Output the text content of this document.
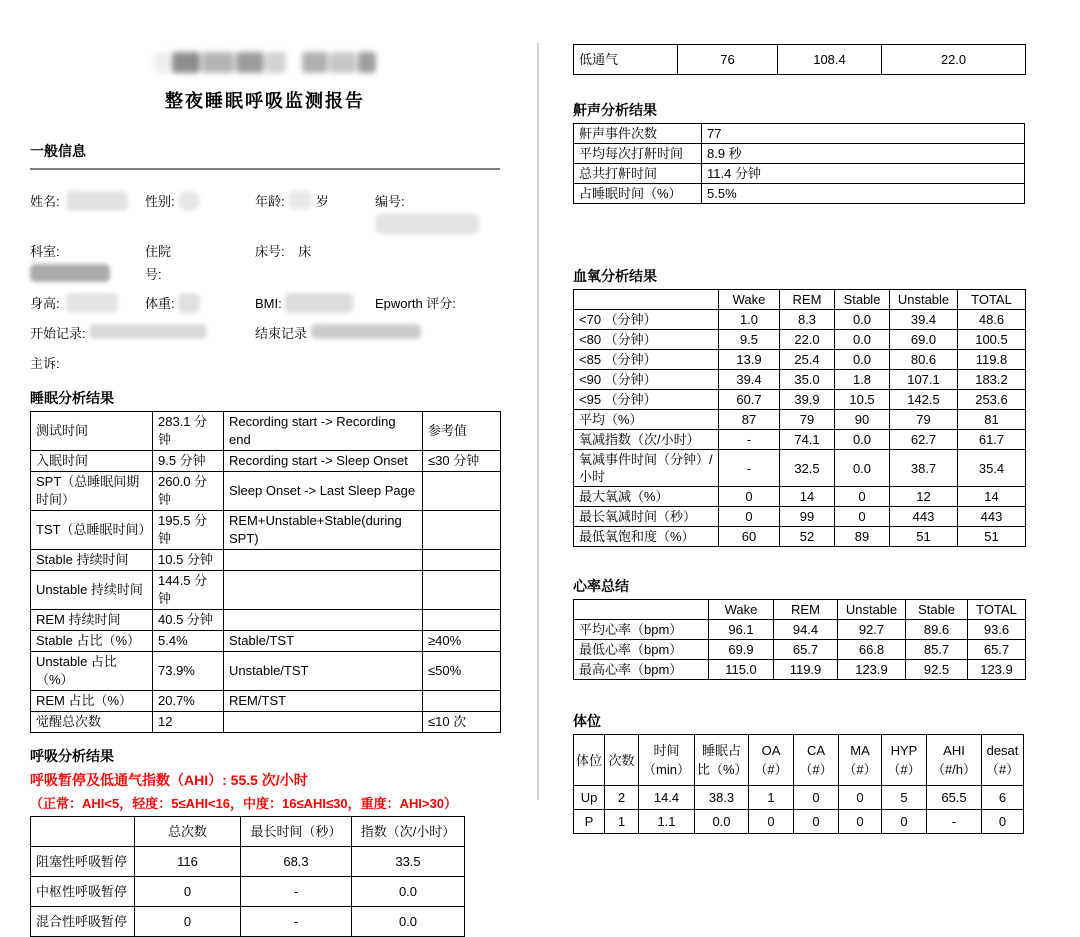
整夜睡眠呼吸监测报告
一般信息
姓名:	性别:	年龄: 岁	编号:
科室:	住院号:
床号: 床
身高:	体重:	BMI:	Epworth 评分:
开始记录:	结束记录
主诉:
睡眠分析结果
测试时间	283.1 分钟	Recording start -> Recording end	参考值
入眠时间	9.5 分钟	Recording start -> Sleep Onset	≤30 分钟
SPT（总睡眠间期时间）	260.0 分钟	Sleep Onset -> Last Sleep Page	
TST（总睡眠时间）	195.5 分钟	REM+Unstable+Stable(during SPT)	
Stable 持续时间	10.5 分钟		
Unstable 持续时间	144.5 分钟		
REM 持续时间	40.5 分钟		
Stable 占比（%）	5.4%	Stable/TST	≥40%
Unstable 占比（%）	73.9%	Unstable/TST	≤50%
REM 占比（%）	20.7%	REM/TST	
觉醒总次数	12		≤10 次
呼吸分析结果
呼吸暂停及低通气指数（AHI）: 55.5 次/小时
（正常：AHI<5，轻度：5≤AHI<16，中度：16≤AHI≤30，重度：AHI>30）
	总次数	最长时间（秒）	指数（次/小时）
阻塞性呼吸暂停	116	68.3	33.5
中枢性呼吸暂停	0	-	0.0
混合性呼吸暂停	0	-	0.0
低通气	76	108.4	22.0
鼾声分析结果
鼾声事件次数	77
平均每次打鼾时间	8.9 秒
总共打鼾时间	11.4 分钟
占睡眠时间（%）	5.5%
血氧分析结果
	Wake	REM	Stable	Unstable	TOTAL
<70 （分钟）	1.0	8.3	0.0	39.4	48.6
<80 （分钟）	9.5	22.0	0.0	69.0	100.5
<85 （分钟）	13.9	25.4	0.0	80.6	119.8
<90 （分钟）	39.4	35.0	1.8	107.1	183.2
<95 （分钟）	60.7	39.9	10.5	142.5	253.6
平均（%）	87	79	90	79	81
氧减指数（次/小时）	-	74.1	0.0	62.7	61.7
氧减事件时间（分钟）/小时	-	32.5	0.0	38.7	35.4
最大氧减（%）	0	14	0	12	14
最长氧减时间（秒）	0	99	0	443	443
最低氧饱和度（%）	60	52	89	51	51
心率总结
	Wake	REM	Unstable	Stable	TOTAL
平均心率（bpm）	96.1	94.4	92.7	89.6	93.6
最低心率（bpm）	69.9	65.7	66.8	85.7	65.7
最高心率（bpm）	115.0	119.9	123.9	92.5	123.9
体位
体位	次数	时间（min）	睡眠占比（%）	OA（#）	CA（#）	MA（#）	HYP（#）	AHI（#/h）	desat（#）
Up	2	14.4	38.3	1	0	0	5	65.5	6
P	1	1.1	0.0	0	0	0	0	-	0
